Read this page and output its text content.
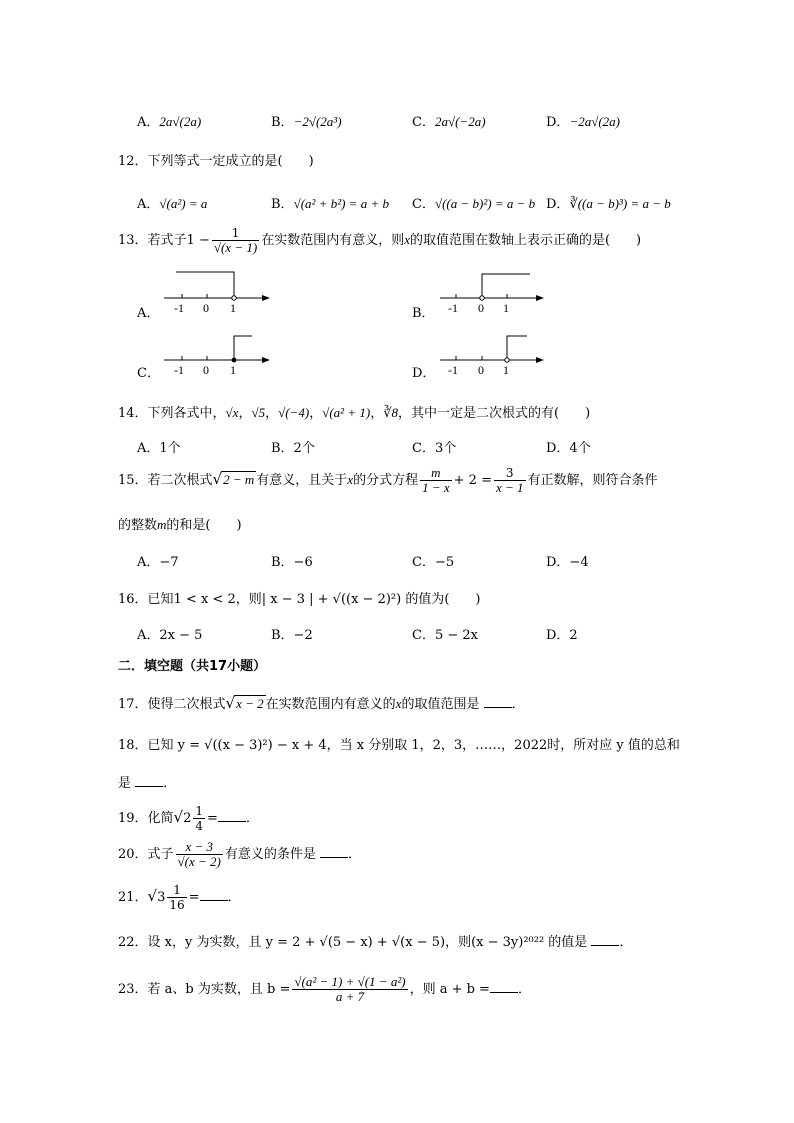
A．2a√(2a)	B．−2√(2a³)	C．2a√(−2a)	D．−2a√(2a)
12．下列等式一定成立的是(　　)
A．√(a²) = a	B．√(a² + b²) = a + b C．√((a − b)²) = a − b D．∛((a − b)³) = a − b
13．若式子$1 - \frac{1}{√(x - 1)}$ 在实数范围内有意义，则x的取值范围在数轴上表示正确的是(　　)
A． -1 0 1	B． -1 0 1
C． -1 0 1	D． -1 0 1
14．下列各式中，√x，√5，√(−4)，√(a² + 1)，∛8，其中一定是二次根式的有(　　)
A．1个	B．2个	C．3个	D．4个
15．若二次根式√2 − m 有意义，且关于x的分式方程 $\frac{m}{1 - x} + 2 = \frac{3}{x - 1}$ 有正数解，则符合条件
的整数m的和是(　　)
A．−7	B．−6	C．−5	D．−4
16．已知1 < x < 2，则| x − 3 | + √((x − 2)²) 的值为(　　)
A．2x − 5	B．−2	C．5 − 2x	D．2
二．填空题（共17小题）
17．使得二次根式√x − 2 在实数范围内有意义的x的取值范围是 ．
18．已知 y = √((x − 3)²) − x + 4，当 x 分别取 1，2，3，……，2022时，所对应 y 值的总和
是 ．
19．化简$√2 \frac{1}{4}$ = ．
20．式子 $\frac{x - 3}{√(x - 2)}$ 有意义的条件是 ．
21．$√3 \frac{1}{16}$ = ．
22．设 x，y 为实数，且 y = 2 + √(5 − x) + √(x − 5)，则(x − 3y)²⁰²² 的值是 ．
23．若 a、b 为实数，且 $b = \frac{\text{√(a² − 1) + √(1 − a²)}}{a + 7}$ ，则 a + b = ．
